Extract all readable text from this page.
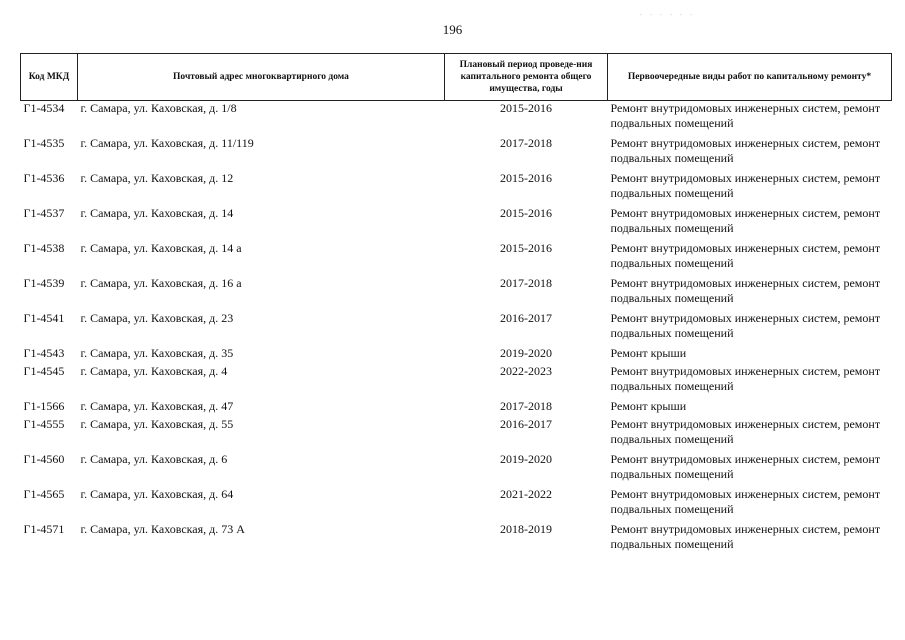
. . . . . .
196
Код МКД	Почтовый адрес многоквартирного дома	Плановый период проведе-ния капитального ремонта общего имущества, годы	Первоочередные виды работ по капитальному ремонту*
Г1-4534	г. Самара, ул. Каховская, д. 1/8	2015-2016	Ремонт внутридомовых инженерных систем, ремонт подвальных помещений
Г1-4535	г. Самара, ул. Каховская, д. 11/119	2017-2018	Ремонт внутридомовых инженерных систем, ремонт подвальных помещений
Г1-4536	г. Самара, ул. Каховская, д. 12	2015-2016	Ремонт внутридомовых инженерных систем, ремонт подвальных помещений
Г1-4537	г. Самара, ул. Каховская, д. 14	2015-2016	Ремонт внутридомовых инженерных систем, ремонт подвальных помещений
Г1-4538	г. Самара, ул. Каховская, д. 14 а	2015-2016	Ремонт внутридомовых инженерных систем, ремонт подвальных помещений
Г1-4539	г. Самара, ул. Каховская, д. 16 а	2017-2018	Ремонт внутридомовых инженерных систем, ремонт подвальных помещений
Г1-4541	г. Самара, ул. Каховская, д. 23	2016-2017	Ремонт внутридомовых инженерных систем, ремонт подвальных помещений
Г1-4543	г. Самара, ул. Каховская, д. 35	2019-2020	Ремонт крыши
Г1-4545	г. Самара, ул. Каховская, д. 4	2022-2023	Ремонт внутридомовых инженерных систем, ремонт подвальных помещений
Г1-1566	г. Самара, ул. Каховская, д. 47	2017-2018	Ремонт крыши
Г1-4555	г. Самара, ул. Каховская, д. 55	2016-2017	Ремонт внутридомовых инженерных систем, ремонт подвальных помещений
Г1-4560	г. Самара, ул. Каховская, д. 6	2019-2020	Ремонт внутридомовых инженерных систем, ремонт подвальных помещений
Г1-4565	г. Самара, ул. Каховская, д. 64	2021-2022	Ремонт внутридомовых инженерных систем, ремонт подвальных помещений
Г1-4571	г. Самара, ул. Каховская, д. 73 А	2018-2019	Ремонт внутридомовых инженерных систем, ремонт подвальных помещений
